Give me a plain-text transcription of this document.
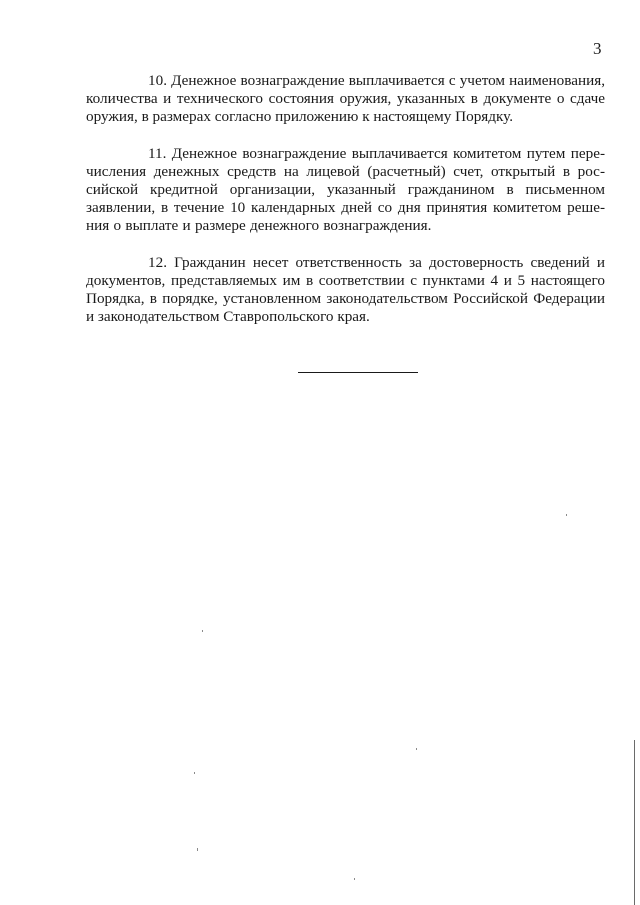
3

10. Денежное вознаграждение выплачивается с учетом наименования, количества и технического состояния оружия, указанных в документе о сдаче оружия, в размерах согласно приложению к настоящему Порядку.

11. Денежное вознаграждение выплачивается комитетом путем перечисления денежных средств на лицевой (расчетный) счет, открытый в российской кредитной организации, указанный гражданином в письменном заявлении, в течение 10 календарных дней со дня принятия комитетом решения о выплате и размере денежного вознаграждения.

12. Гражданин несет ответственность за достоверность сведений и документов, представляемых им в соответствии с пунктами 4 и 5 настоящего Порядка, в порядке, установленном законодательством Российской Федерации и законодательством Ставропольского края.
